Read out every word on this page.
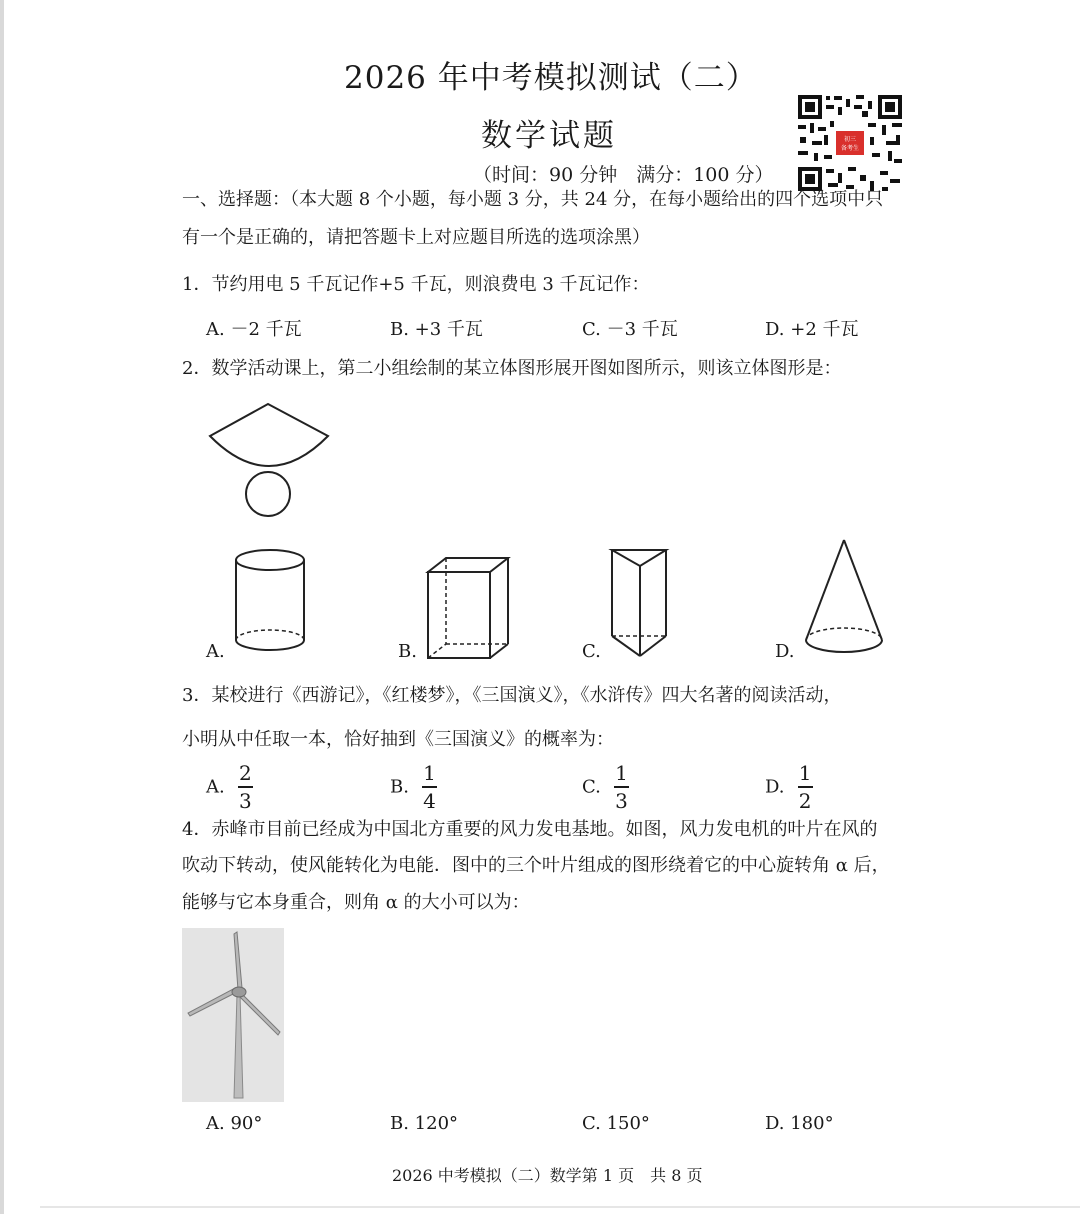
2026 年中考模拟测试（二）
数学试题
（时间：90 分钟　满分：100 分）
初三
备考生
一、选择题：（本大题 8 个小题，每小题 3 分，共 24 分，在每小题给出的四个选项中只
有一个是正确的，请把答题卡上对应题目所选的选项涂黑）
1．节约用电 5 千瓦记作+5 千瓦，则浪费电 3 千瓦记作：
A. －2 千瓦	B. +3 千瓦	C. －3 千瓦	D. +2 千瓦
2．数学活动课上，第二小组绘制的某立体图形展开图如图所示，则该立体图形是：
A.	B.	C.	D.
3．某校进行《西游记》，《红楼梦》，《三国演义》，《水浒传》四大名著的阅读活动，
小明从中任取一本，恰好抽到《三国演义》的概率为：
A. $\frac{2}{3}$	B. $\frac{1}{4}$	C. $\frac{1}{3}$	D. $\frac{1}{2}$
4．赤峰市目前已经成为中国北方重要的风力发电基地。如图，风力发电机的叶片在风的
吹动下转动，使风能转化为电能．图中的三个叶片组成的图形绕着它的中心旋转角 α 后，
能够与它本身重合，则角 α 的大小可以为：
A. 90°	B. 120°	C. 150°	D. 180°
2026 中考模拟（二）数学第 1 页　共 8 页
